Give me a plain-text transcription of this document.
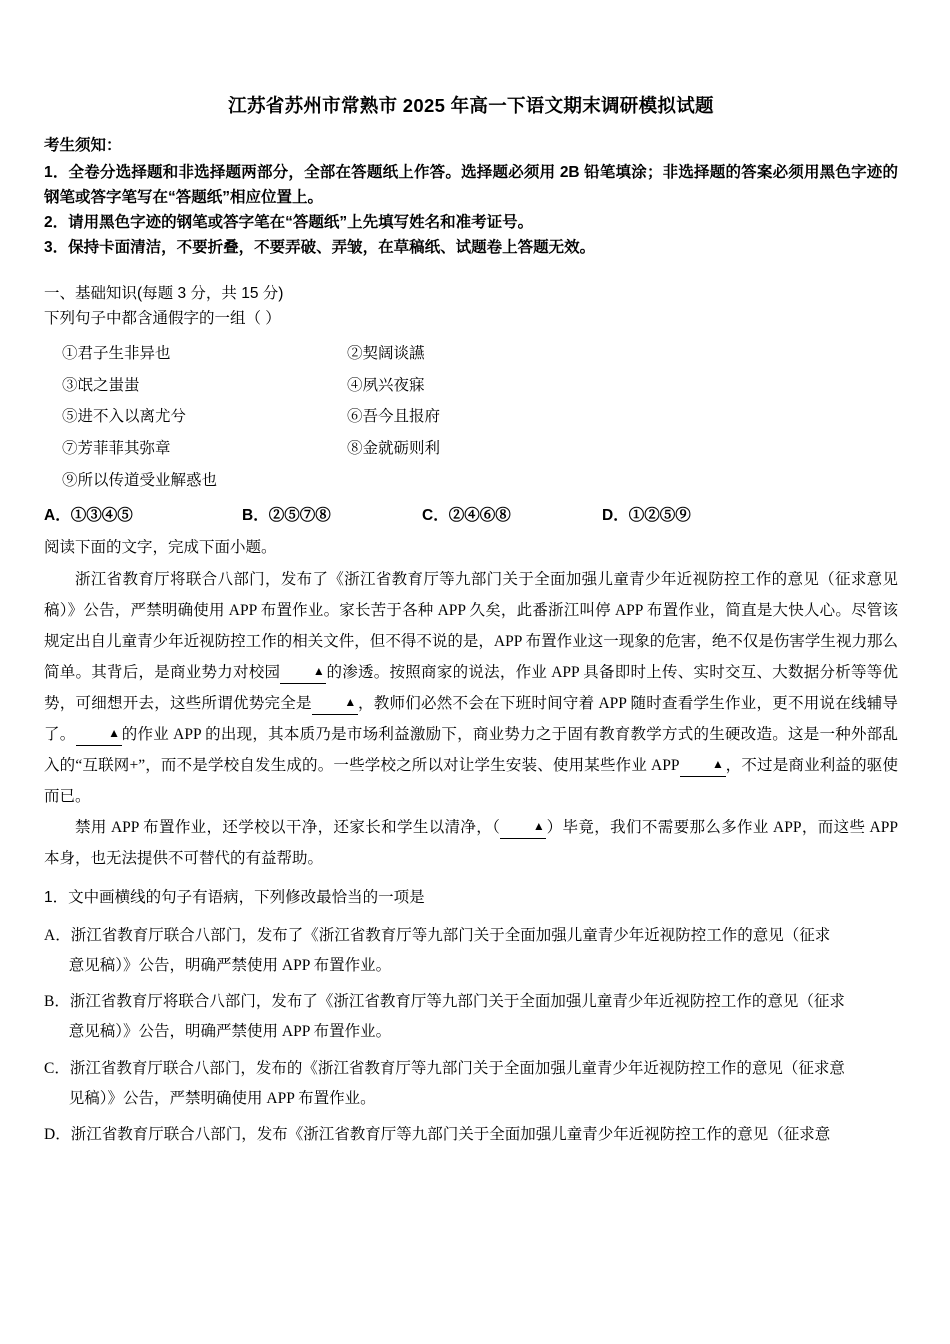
江苏省苏州市常熟市 2025 年高一下语文期末调研模拟试题
考生须知：
1．全卷分选择题和非选择题两部分，全部在答题纸上作答。选择题必须用 2B 铅笔填涂；非选择题的答案必须用黑色字迹的钢笔或答字笔写在“答题纸”相应位置上。
2．请用黑色字迹的钢笔或答字笔在“答题纸”上先填写姓名和准考证号。
3．保持卡面清洁，不要折叠，不要弄破、弄皱，在草稿纸、试题卷上答题无效。
一、基础知识(每题 3 分，共 15 分)
下列句子中都含通假字的一组（ ）
①君子生非异也	②契阔谈讌
③氓之蚩蚩	④夙兴夜寐
⑤进不入以离尤兮	⑥吾今且报府
⑦芳菲菲其弥章	⑧金就砺则利
⑨所以传道受业解惑也
A．①③④⑤	B．②⑤⑦⑧	C．②④⑥⑧	D．①②⑤⑨
阅读下面的文字，完成下面小题。

浙江省教育厅将联合八部门，发布了《浙江省教育厅等九部门关于全面加强儿童青少年近视防控工作的意见（征求意见稿）》公告，严禁明确使用 APP 布置作业。家长苦于各种 APP 久矣，此番浙江叫停 APP 布置作业，简直是大快人心。尽管该规定出自儿童青少年近视防控工作的相关文件，但不得不说的是，APP 布置作业这一现象的危害，绝不仅是伤害学生视力那么简单。其背后，是商业势力对校园	▲ 的渗透。按照商家的说法，作业 APP 具备即时上传、实时交互、大数据分析等等优势，可细想开去，这些所谓优势完全是	▲ ，教师们必然不会在下班时间守着 APP 随时查看学生作业，更不用说在线辅导了。	▲ 的作业 APP 的出现，其本质乃是市场利益激励下，商业势力之于固有教育教学方式的生硬改造。这是一种外部乱入的“互联网+”，而不是学校自发生成的。一些学校之所以对让学生安装、使用某些作业 APP	▲ ，不过是商业利益的驱使而已。

禁用 APP 布置作业，还学校以干净，还家长和学生以清净，（	▲ ）毕竟，我们不需要那么多作业 APP，而这些 APP 本身，也无法提供不可替代的有益帮助。

1．文中画横线的句子有语病，下列修改最恰当的一项是
A．浙江省教育厅联合八部门，发布了《浙江省教育厅等九部门关于全面加强儿童青少年近视防控工作的意见（征求
意见稿）》公告，明确严禁使用 APP 布置作业。
B．浙江省教育厅将联合八部门，发布了《浙江省教育厅等九部门关于全面加强儿童青少年近视防控工作的意见（征求
意见稿）》公告，明确严禁使用 APP 布置作业。
C．浙江省教育厅联合八部门，发布的《浙江省教育厅等九部门关于全面加强儿童青少年近视防控工作的意见（征求意
见稿）》公告，严禁明确使用 APP 布置作业。
D．浙江省教育厅联合八部门，发布《浙江省教育厅等九部门关于全面加强儿童青少年近视防控工作的意见（征求意
